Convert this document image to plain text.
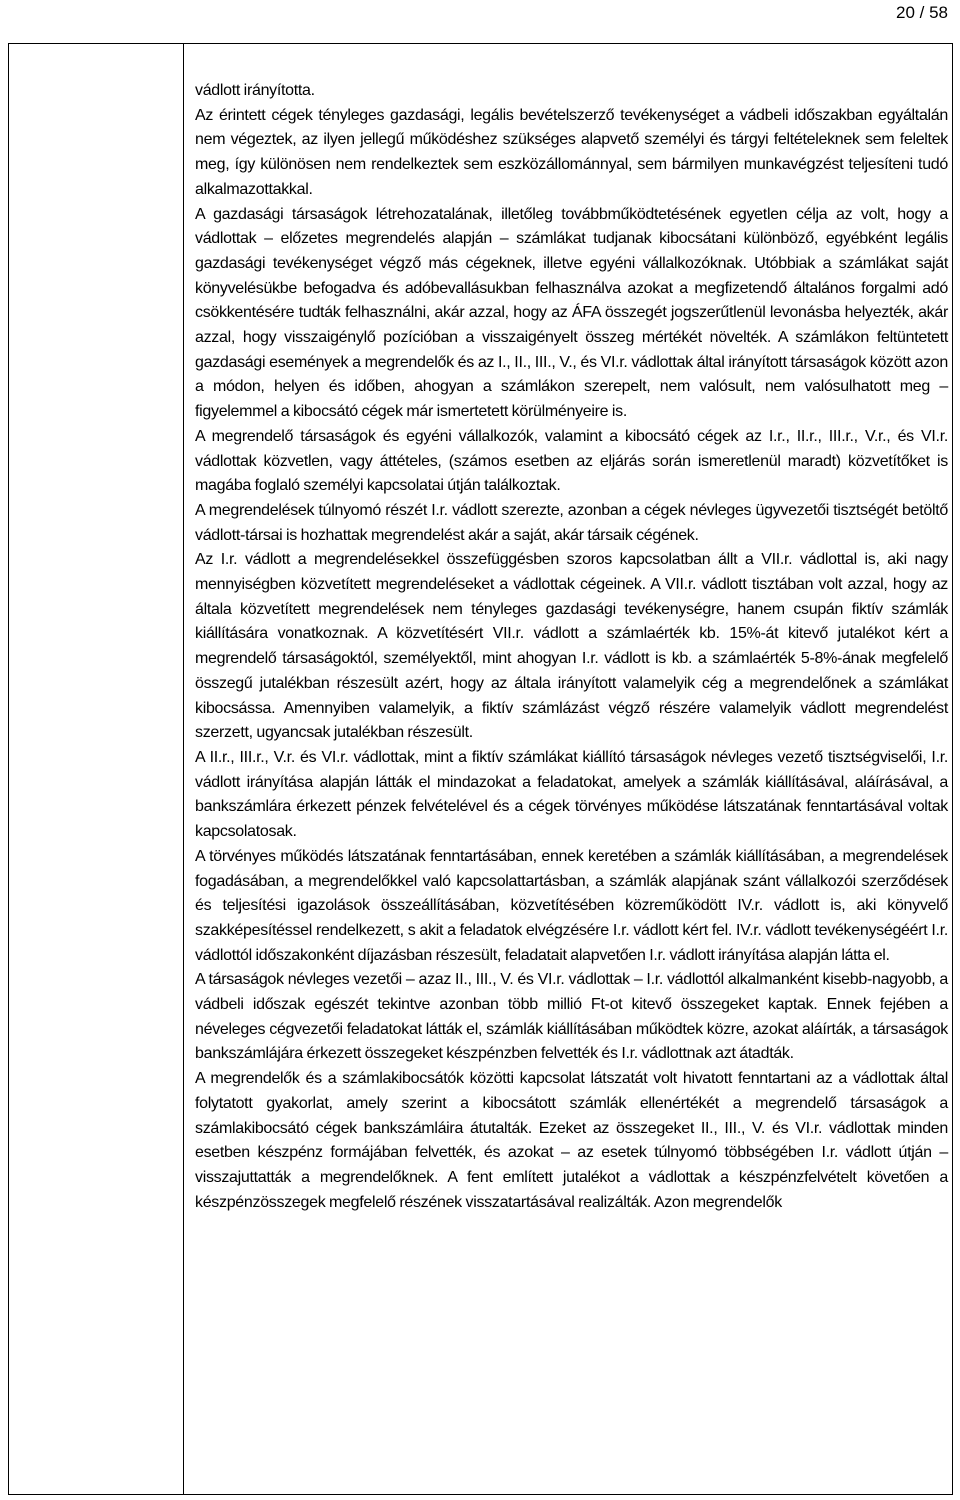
20 / 58

vádlott irányította.

Az érintett cégek tényleges gazdasági, legális bevételszerző tevékenységet a vádbeli időszakban egyáltalán nem végeztek, az ilyen jellegű működéshez szükséges alapvető személyi és tárgyi feltételeknek sem feleltek meg, így különösen nem rendelkeztek sem eszközállománnyal, sem bármilyen munkavégzést teljesíteni tudó alkalmazottakkal.

A gazdasági társaságok létrehozatalának, illetőleg továbbműködtetésének egyetlen célja az volt, hogy a vádlottak – előzetes megrendelés alapján – számlákat tudjanak kibocsátani különböző, egyébként legális gazdasági tevékenységet végző más cégeknek, illetve egyéni vállalkozóknak. Utóbbiak a számlákat saját könyvelésükbe befogadva és adóbevallásukban felhasználva azokat a megfizetendő általános forgalmi adó csökkentésére tudták felhasználni, akár azzal, hogy az ÁFA összegét jogszerűtlenül levonásba helyezték, akár azzal, hogy visszaigénylő pozícióban a visszaigényelt összeg mértékét növelték. A számlákon feltüntetett gazdasági események a megrendelők és az I., II., III., V., és VI.r. vádlottak által irányított társaságok között azon a módon, helyen és időben, ahogyan a számlákon szerepelt, nem valósult, nem valósulhatott meg – figyelemmel a kibocsátó cégek már ismertetett körülményeire is.

A megrendelő társaságok és egyéni vállalkozók, valamint a kibocsátó cégek az I.r., II.r., III.r., V.r., és VI.r. vádlottak közvetlen, vagy áttételes, (számos esetben az eljárás során ismeretlenül maradt) közvetítőket is magába foglaló személyi kapcsolatai útján találkoztak.

A megrendelések túlnyomó részét I.r. vádlott szerezte, azonban a cégek névleges ügyvezetői tisztségét betöltő vádlott-társai is hozhattak megrendelést akár a saját, akár társaik cégének.

Az I.r. vádlott a megrendelésekkel összefüggésben szoros kapcsolatban állt a VII.r. vádlottal is, aki nagy mennyiségben közvetített megrendeléseket a vádlottak cégeinek. A VII.r. vádlott tisztában volt azzal, hogy az általa közvetített megrendelések nem tényleges gazdasági tevékenységre, hanem csupán fiktív számlák kiállítására vonatkoznak. A közvetítésért VII.r. vádlott a számlaérték kb. 15%-át kitevő jutalékot kért a megrendelő társaságoktól, személyektől, mint ahogyan I.r. vádlott is kb. a számlaérték 5-8%-ának megfelelő összegű jutalékban részesült azért, hogy az általa irányított valamelyik cég a megrendelőnek a számlákat kibocsássa. Amennyiben valamelyik, a fiktív számlázást végző részére valamelyik vádlott megrendelést szerzett, ugyancsak jutalékban részesült.

A II.r., III.r., V.r. és VI.r. vádlottak, mint a fiktív számlákat kiállító társaságok névleges vezető tisztségviselői, I.r. vádlott irányítása alapján látták el mindazokat a feladatokat, amelyek a számlák kiállításával, aláírásával, a bankszámlára érkezett pénzek felvételével és a cégek törvényes működése látszatának fenntartásával voltak kapcsolatosak.

A törvényes működés látszatának fenntartásában, ennek keretében a számlák kiállításában, a megrendelések fogadásában, a megrendelőkkel való kapcsolattartásban, a számlák alapjának szánt vállalkozói szerződések és teljesítési igazolások összeállításában, közvetítésében közreműködött IV.r. vádlott is, aki könyvelő szakképesítéssel rendelkezett, s akit a feladatok elvégzésére I.r. vádlott kért fel. IV.r. vádlott tevékenységéért I.r. vádlottól időszakonként díjazásban részesült, feladatait alapvetően I.r. vádlott irányítása alapján látta el.

A társaságok névleges vezetői – azaz II., III., V. és VI.r. vádlottak – I.r. vádlottól alkalmanként kisebb-nagyobb, a vádbeli időszak egészét tekintve azonban több millió Ft-ot kitevő összegeket kaptak. Ennek fejében a néveleges cégvezetői feladatokat látták el, számlák kiállításában működtek közre, azokat aláírták, a társaságok bankszámlájára érkezett összegeket készpénzben felvették és I.r. vádlottnak azt átadták.

A megrendelők és a számlakibocsátók közötti kapcsolat látszatát volt hivatott fenntartani az a vádlottak által folytatott gyakorlat, amely szerint a kibocsátott számlák ellenértékét a megrendelő társaságok a számlakibocsátó cégek bankszámláira átutalták. Ezeket az összegeket II., III., V. és VI.r. vádlottak minden esetben készpénz formájában felvették, és azokat – az esetek túlnyomó többségében I.r. vádlott útján – visszajuttatták a megrendelőknek. A fent említett jutalékot a vádlottak a készpénzfelvételt követően a készpénzösszegek megfelelő részének visszatartásával realizálták. Azon megrendelők
